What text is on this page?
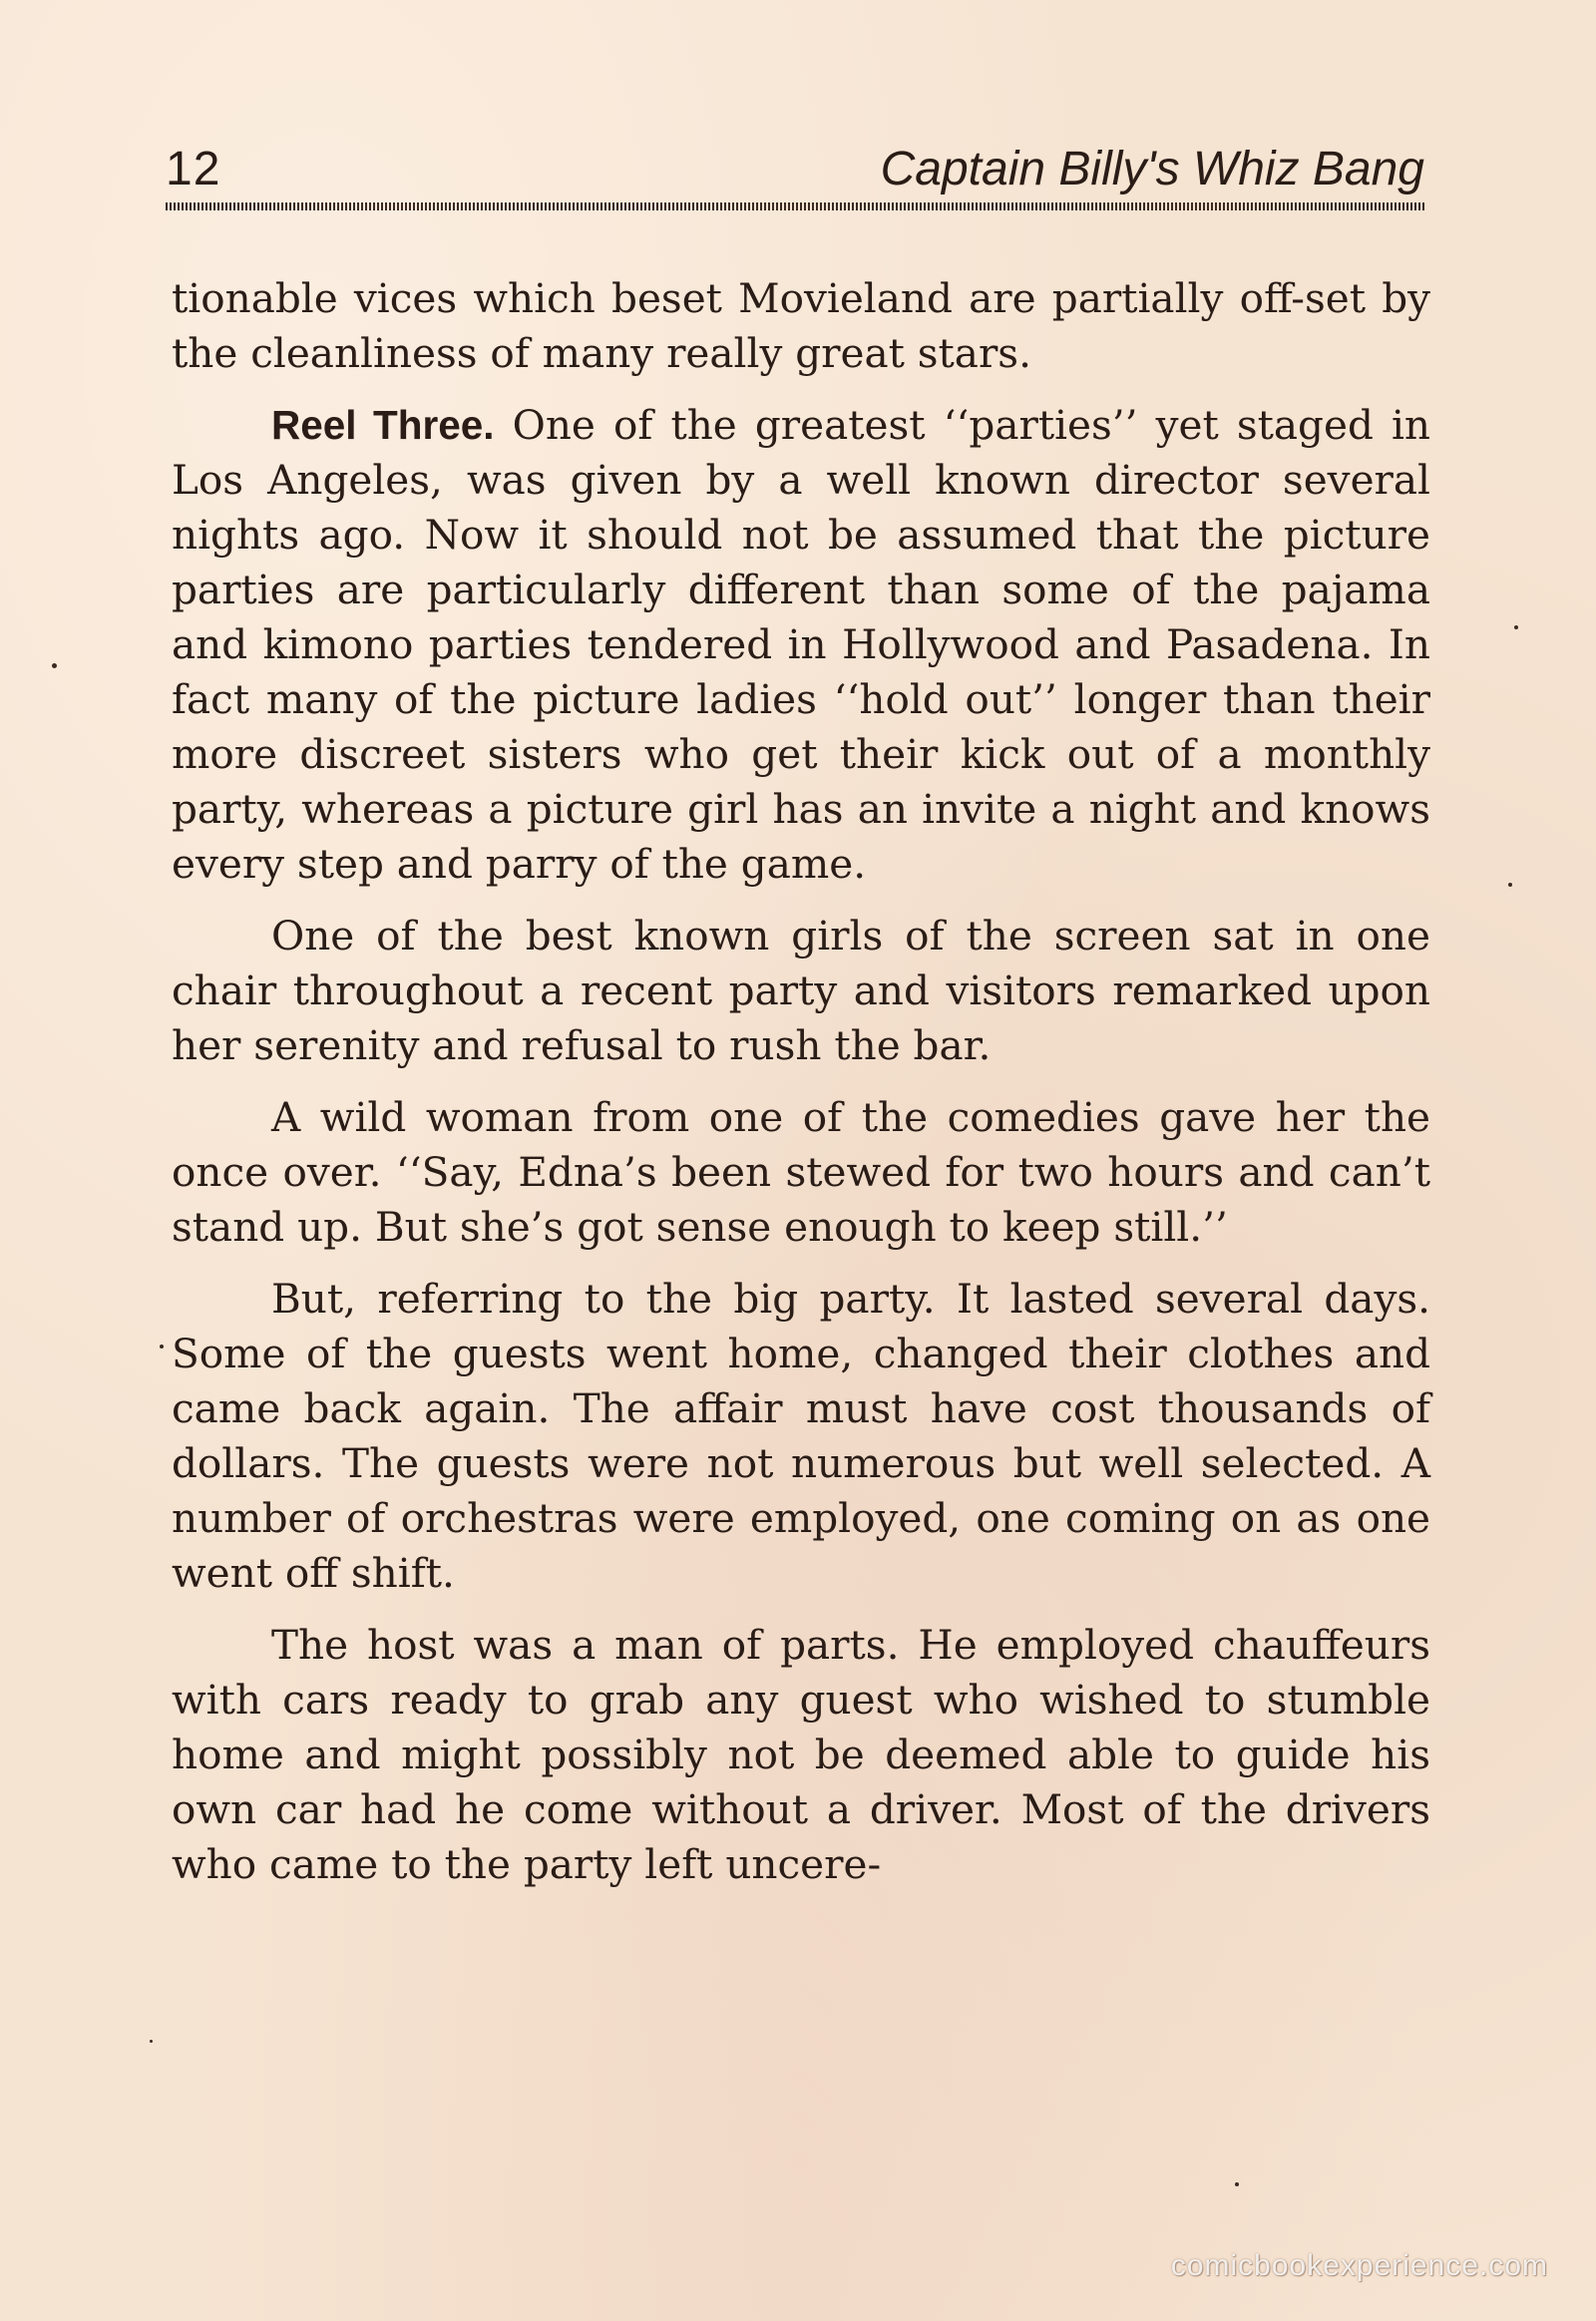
12	Captain Billy's Whiz Bang

tionable vices which beset Movieland are partially off-set by the cleanliness of many really great stars.

Reel Three. One of the greatest ‘‘parties’’ yet staged in Los Angeles, was given by a well known director several nights ago. Now it should not be assumed that the picture parties are particularly different than some of the pajama and kimono parties tendered in Hollywood and Pasadena. In fact many of the picture ladies ‘‘hold out’’ longer than their more discreet sisters who get their kick out of a monthly party, whereas a picture girl has an invite a night and knows every step and parry of the game.

One of the best known girls of the screen sat in one chair throughout a recent party and visitors remarked upon her serenity and refusal to rush the bar.

A wild woman from one of the comedies gave her the once over. ‘‘Say, Edna’s been stewed for two hours and can’t stand up. But she’s got sense enough to keep still.’’

But, referring to the big party. It lasted several days. Some of the guests went home, changed their clothes and came back again. The affair must have cost thousands of dollars. The guests were not numerous but well selected. A number of orchestras were employed, one coming on as one went off shift.

The host was a man of parts. He employed chauffeurs with cars ready to grab any guest who wished to stumble home and might possibly not be deemed able to guide his own car had he come without a driver. Most of the drivers who came to the party left uncere-

comicbookexperience.com
